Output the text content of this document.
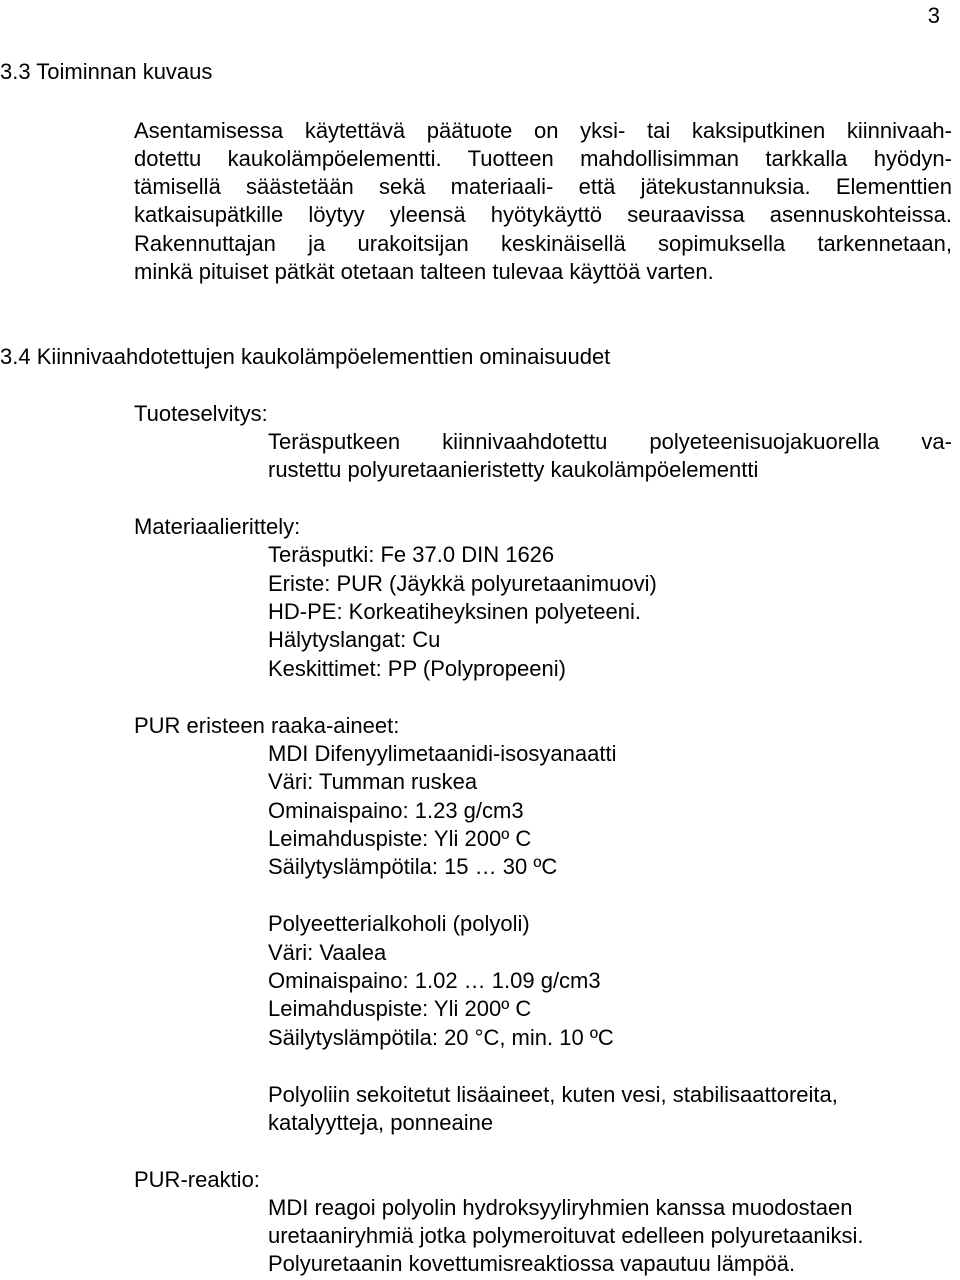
3
3.3 Toiminnan kuvaus
Asentamisessa käytettävä päätuote on yksi- tai kaksiputkinen kiinnivaah-
dotettu kaukolämpöelementti. Tuotteen mahdollisimman tarkkalla hyödyn-
tämisellä säästetään sekä materiaali- että jätekustannuksia. Elementtien
katkaisupätkille löytyy yleensä hyötykäyttö seuraavissa asennuskohteissa.
Rakennuttajan ja urakoitsijan keskinäisellä sopimuksella tarkennetaan,
minkä pituiset pätkät otetaan talteen tulevaa käyttöä varten.
3.4 Kiinnivaahdotettujen kaukolämpöelementtien ominaisuudet
Tuoteselvitys:
Teräsputkeen kiinnivaahdotettu polyeteenisuojakuorella va-
rustettu polyuretaanieristetty kaukolämpöelementti
Materiaalierittely:
Teräsputki: Fe 37.0 DIN 1626
Eriste: PUR (Jäykkä polyuretaanimuovi)
HD-PE: Korkeatiheyksinen polyeteeni.
Hälytyslangat: Cu
Keskittimet: PP (Polypropeeni)
PUR eristeen raaka-aineet:
MDI Difenyylimetaanidi-isosyanaatti
Väri: Tumman ruskea
Ominaispaino: 1.23 g/cm3
Leimahduspiste: Yli 200º C
Säilytyslämpötila: 15 … 30 ºC
Polyeetterialkoholi (polyoli)
Väri: Vaalea
Ominaispaino: 1.02 … 1.09 g/cm3
Leimahduspiste: Yli 200º C
Säilytyslämpötila: 20 °C, min. 10 ºC
Polyoliin sekoitetut lisäaineet, kuten vesi, stabilisaattoreita,
katalyytteja, ponneaine
PUR-reaktio:
MDI reagoi polyolin hydroksyyliryhmien kanssa muodostaen
uretaaniryhmiä jotka polymeroituvat edelleen polyuretaaniksi.
Polyuretaanin kovettumisreaktiossa vapautuu lämpöä.
